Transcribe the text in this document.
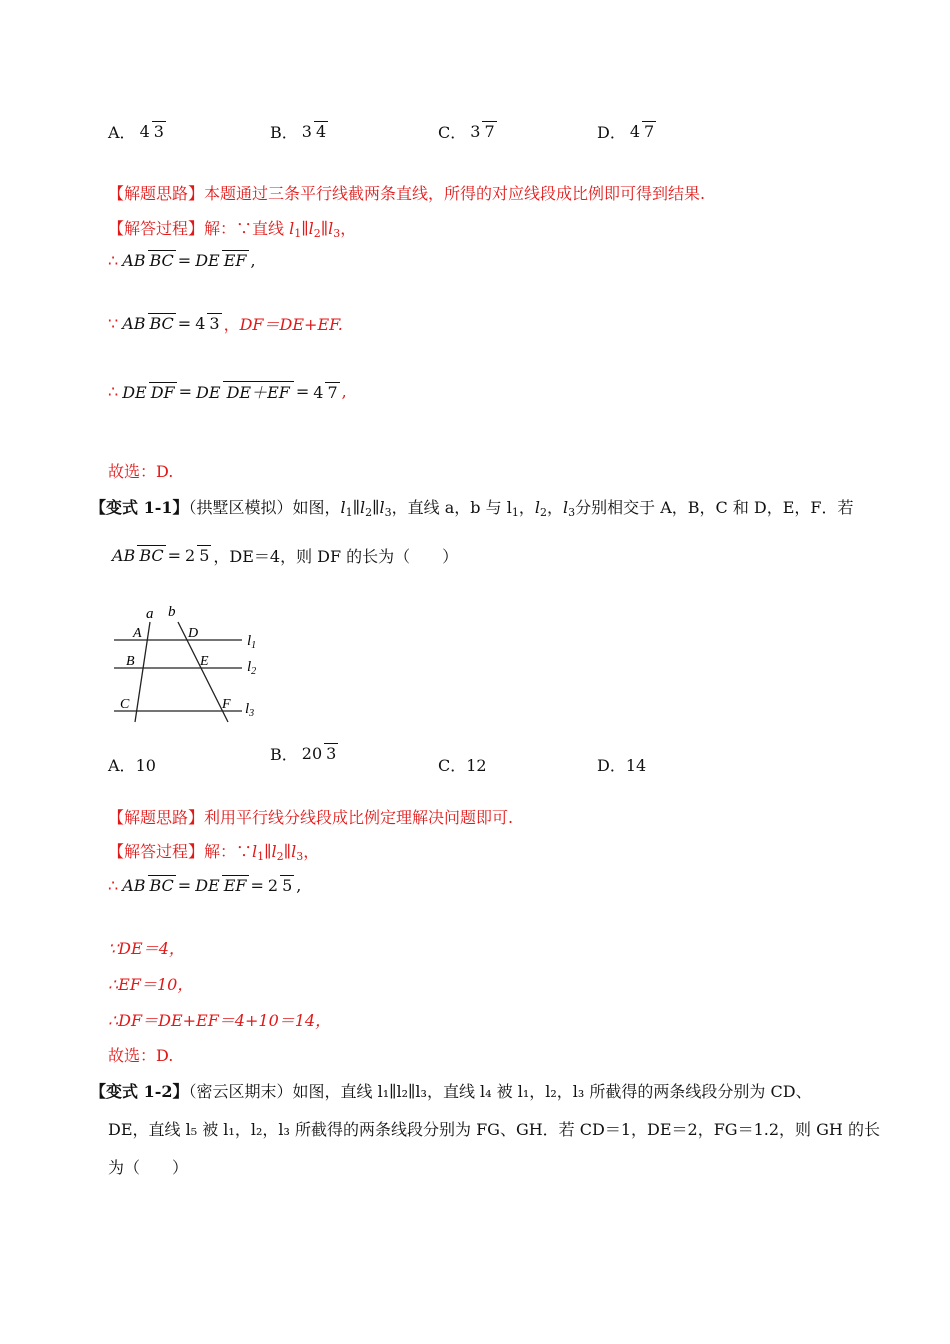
A． 4 3	B． 3 4	C． 3 7	D． 4 7
【解题思路】本题通过三条平行线截两条直线，所得的对应线段成比例即可得到结果.
【解答过程】解：∵直线 $l_1\parallel l_2\parallel l_3$，
∴ AB BC = DE EF ,
∵ AB BC = 4 3 ， DF＝DE+EF.
∴ DE DF = DE DE＋EF = 4 7 ,
故选：D.
【变式 1-1】（拱墅区模拟）如图，$l_1\parallel l_2\parallel l_3$，直线 a，b 与 $l_1$，$l_2$，$l_3$分别相交于 A，B，C 和 D，E，F．若
AB BC = 2 5 ，DE＝4，则 DF 的长为（　　）
a b
A	D
B	E
C	F
$l_1$
$l_2$
$l_3$
A．10
B． 20 3
C．12	D．14
【解题思路】利用平行线分线段成比例定理解决问题即可.
【解答过程】解：$\because l_1\parallel l_2\parallel l_3$，
∴ AB BC = DE EF = 2 5 ,
∵DE＝4，
∴EF＝10，
∴DF＝DE+EF＝4+10＝14，
故选：D.
【变式 1-2】（密云区期末）如图，直线 l₁∥l₂∥l₃，直线 l₄ 被 l₁，l₂，l₃ 所截得的两条线段分别为 CD、
DE，直线 l₅ 被 l₁，l₂，l₃ 所截得的两条线段分别为 FG、GH．若 CD＝1，DE＝2，FG＝1.2，则 GH 的长
为（　　）
